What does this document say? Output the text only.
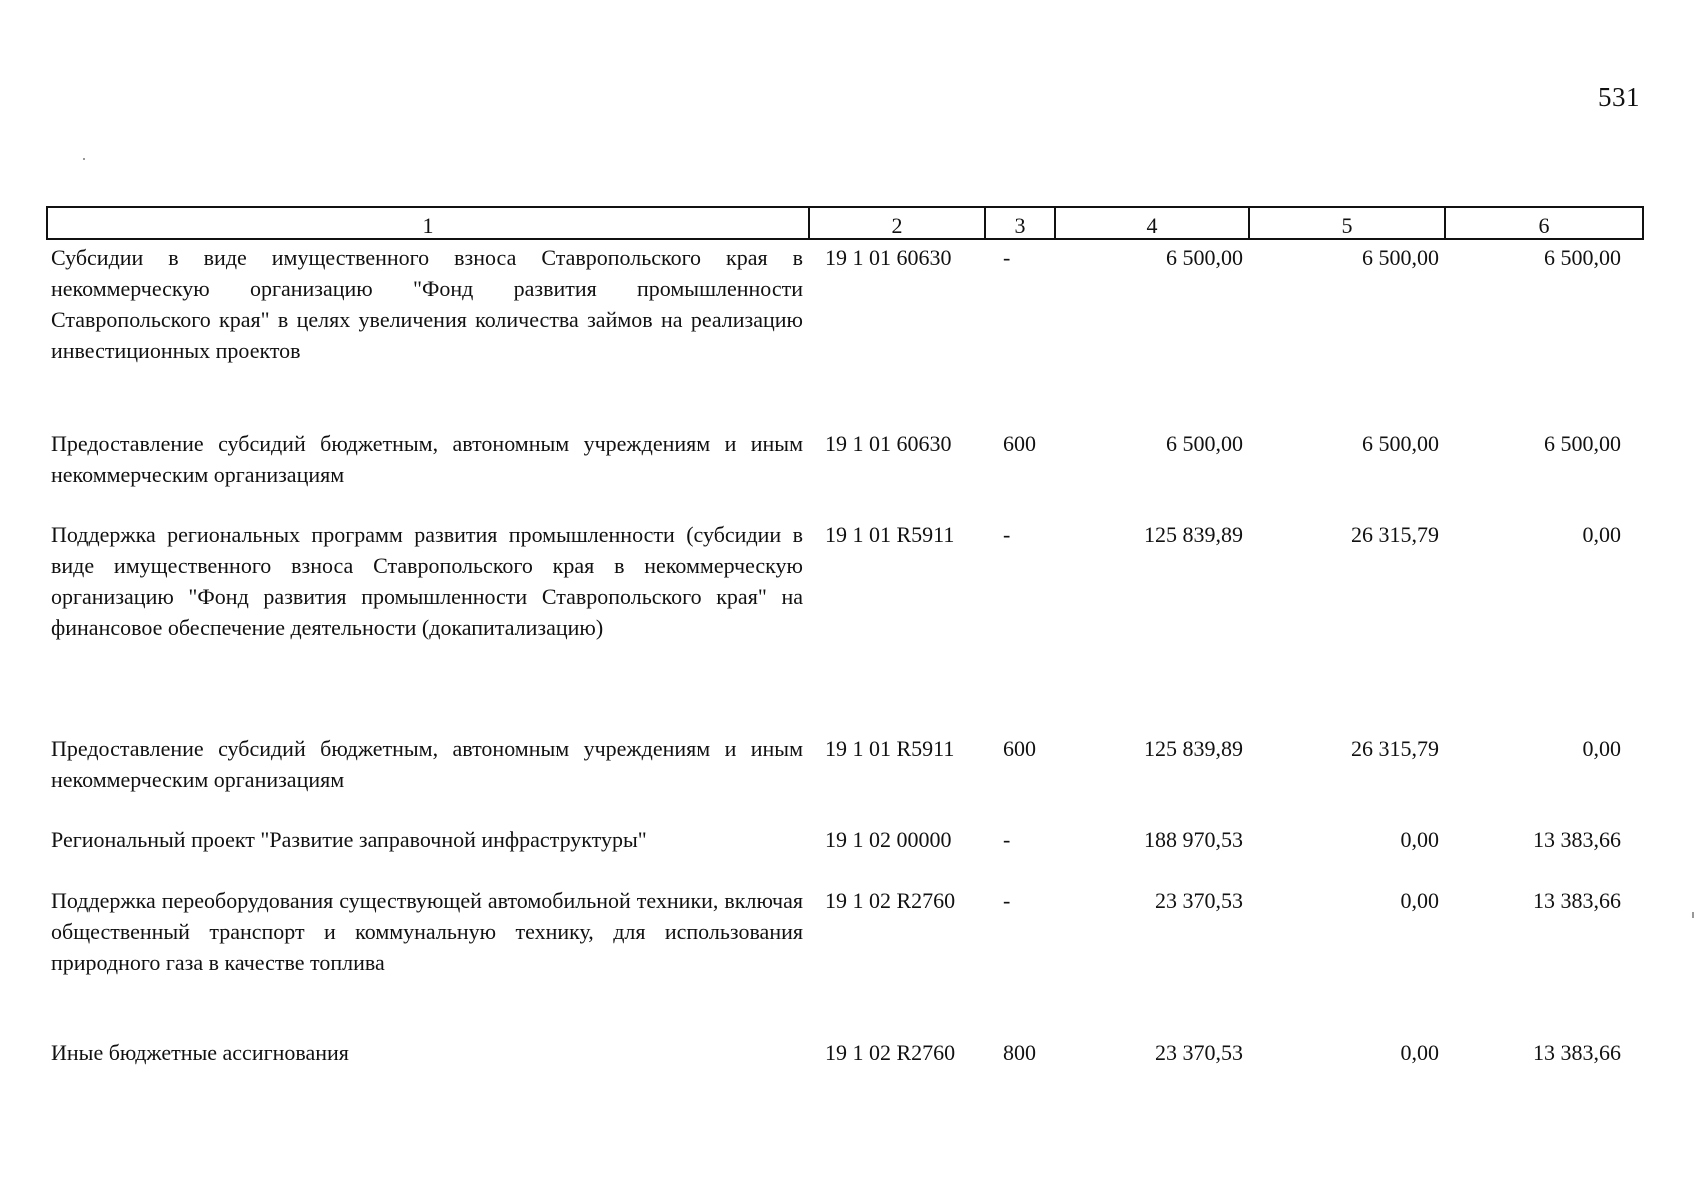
531
1	2	3	4	5	6
Субсидии в виде имущественного взноса Ставропольского края в некоммерческую организацию "Фонд развития промышленности Ставропольского края" в целях увеличения количества займов на реализацию инвестиционных проектов	19 1 01 60630	-	6 500,00	6 500,00	6 500,00
Предоставление субсидий бюджетным, автономным учреждениям и иным некоммерческим организациям	19 1 01 60630	600	6 500,00	6 500,00	6 500,00
Поддержка региональных программ развития промышленности (субсидии в виде имущественного взноса Ставропольского края в некоммерческую организацию "Фонд развития промышленности Ставропольского края" на финансовое обеспечение деятельности (докапитализацию)	19 1 01 R5911	-	125 839,89	26 315,79	0,00
Предоставление субсидий бюджетным, автономным учреждениям и иным некоммерческим организациям	19 1 01 R5911	600	125 839,89	26 315,79	0,00
Региональный проект "Развитие заправочной инфраструктуры"	19 1 02 00000	-	188 970,53	0,00	13 383,66
Поддержка переоборудования существующей автомобильной техники, включая общественный транспорт и коммунальную технику, для использования природного газа в качестве топлива	19 1 02 R2760	-	23 370,53	0,00	13 383,66
Иные бюджетные ассигнования	19 1 02 R2760	800	23 370,53	0,00	13 383,66
